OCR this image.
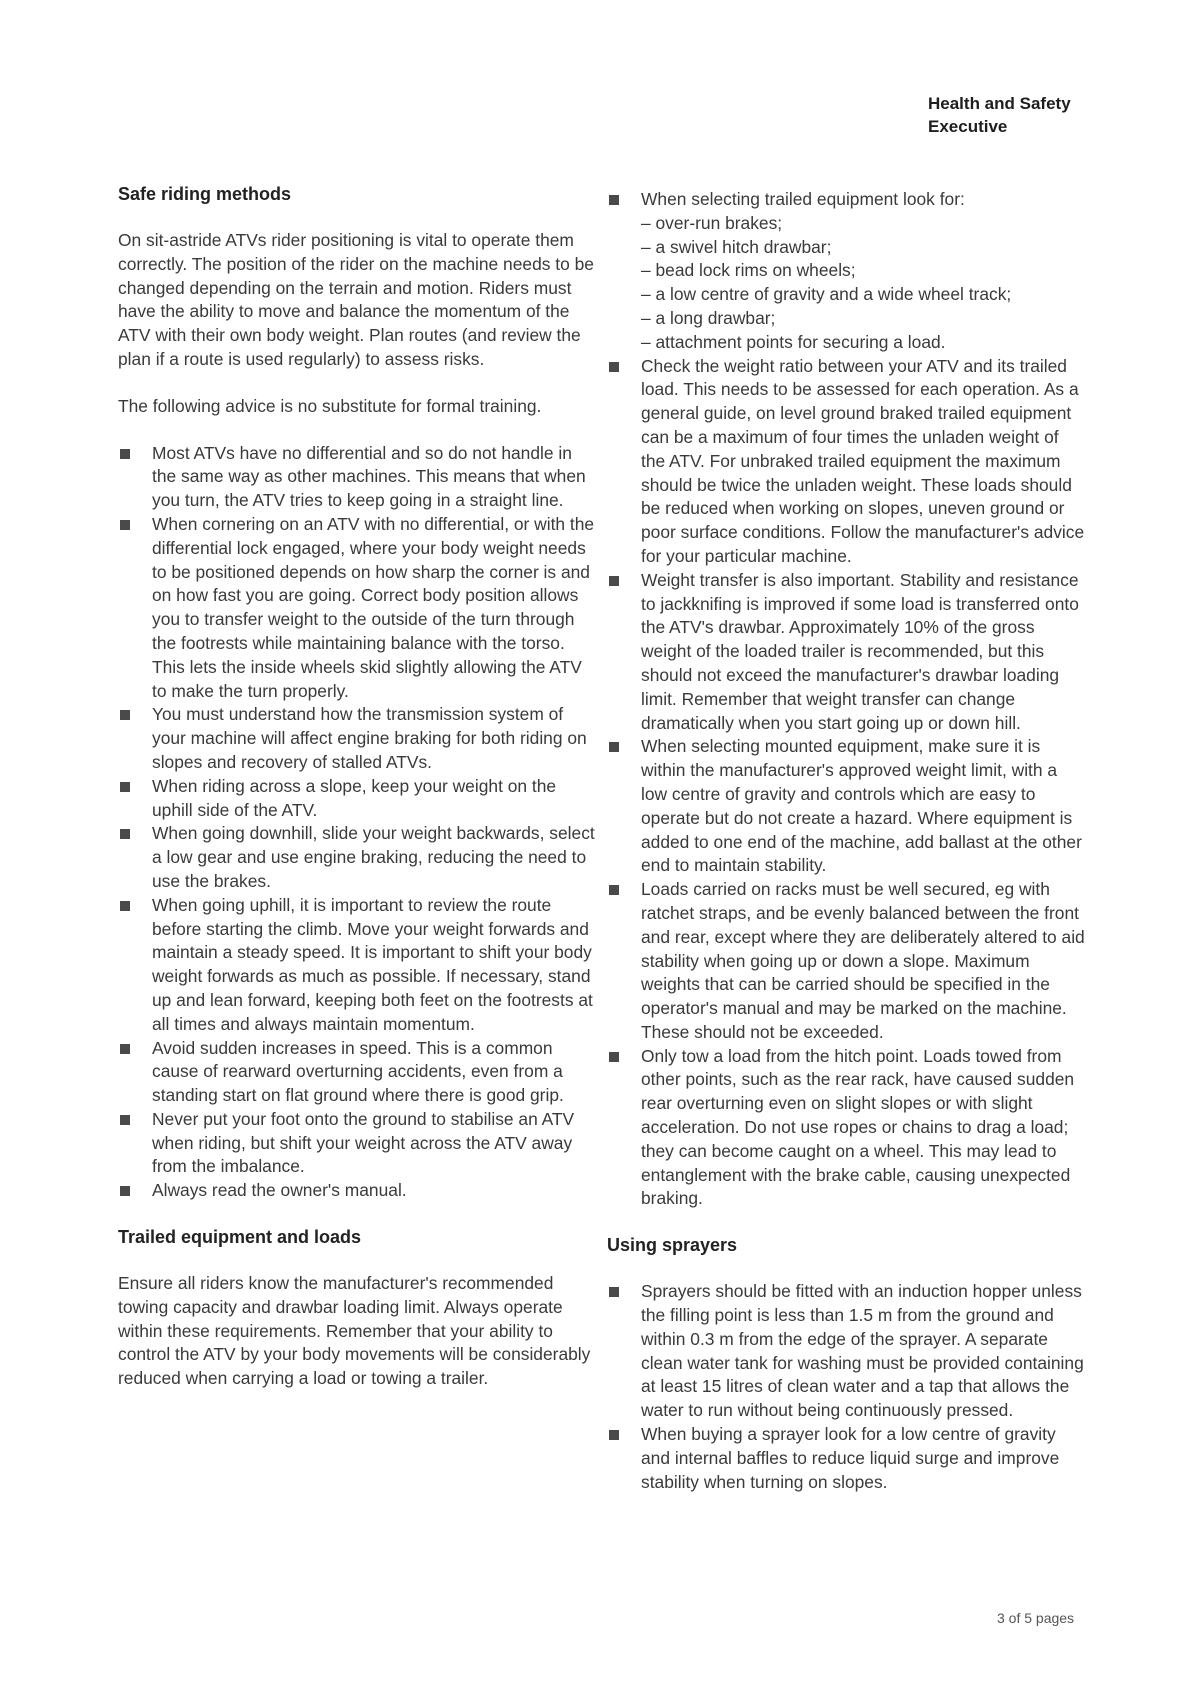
Health and Safety
Executive
Safe riding methods

On sit-astride ATVs rider positioning is vital to operate them correctly. The position of the rider on the machine needs to be changed depending on the terrain and motion. Riders must have the ability to move and balance the momentum of the ATV with their own body weight. Plan routes (and review the plan if a route is used regularly) to assess risks.

The following advice is no substitute for formal training.

Most ATVs have no differential and so do not handle in the same way as other machines. This means that when you turn, the ATV tries to keep going in a straight line.
When cornering on an ATV with no differential, or with the differential lock engaged, where your body weight needs to be positioned depends on how sharp the corner is and on how fast you are going. Correct body position allows you to transfer weight to the outside of the turn through the footrests while maintaining balance with the torso. This lets the inside wheels skid slightly allowing the ATV to make the turn properly.
You must understand how the transmission system of your machine will affect engine braking for both riding on slopes and recovery of stalled ATVs.
When riding across a slope, keep your weight on the uphill side of the ATV.
When going downhill, slide your weight backwards, select a low gear and use engine braking, reducing the need to use the brakes.
When going uphill, it is important to review the route before starting the climb. Move your weight forwards and maintain a steady speed. It is important to shift your body weight forwards as much as possible. If necessary, stand up and lean forward, keeping both feet on the footrests at all times and always maintain momentum.
Avoid sudden increases in speed. This is a common cause of rearward overturning accidents, even from a standing start on flat ground where there is good grip.
Never put your foot onto the ground to stabilise an ATV when riding, but shift your weight across the ATV away from the imbalance.
Always read the owner's manual.
Trailed equipment and loads

Ensure all riders know the manufacturer's recommended towing capacity and drawbar loading limit. Always operate within these requirements. Remember that your ability to control the ATV by your body movements will be considerably reduced when carrying a load or towing a trailer.

When selecting trailed equipment look for:
– over-run brakes;
– a swivel hitch drawbar;
– bead lock rims on wheels;
– a low centre of gravity and a wide wheel track;
– a long drawbar;
– attachment points for securing a load.
Check the weight ratio between your ATV and its trailed load. This needs to be assessed for each operation. As a general guide, on level ground braked trailed equipment can be a maximum of four times the unladen weight of the ATV. For unbraked trailed equipment the maximum should be twice the unladen weight. These loads should be reduced when working on slopes, uneven ground or poor surface conditions. Follow the manufacturer's advice for your particular machine.
Weight transfer is also important. Stability and resistance to jackknifing is improved if some load is transferred onto the ATV's drawbar. Approximately 10% of the gross weight of the loaded trailer is recommended, but this should not exceed the manufacturer's drawbar loading limit. Remember that weight transfer can change dramatically when you start going up or down hill.
When selecting mounted equipment, make sure it is within the manufacturer's approved weight limit, with a low centre of gravity and controls which are easy to operate but do not create a hazard. Where equipment is added to one end of the machine, add ballast at the other end to maintain stability.
Loads carried on racks must be well secured, eg with ratchet straps, and be evenly balanced between the front and rear, except where they are deliberately altered to aid stability when going up or down a slope. Maximum weights that can be carried should be specified in the operator's manual and may be marked on the machine. These should not be exceeded.
Only tow a load from the hitch point. Loads towed from other points, such as the rear rack, have caused sudden rear overturning even on slight slopes or with slight acceleration. Do not use ropes or chains to drag a load; they can become caught on a wheel. This may lead to entanglement with the brake cable, causing unexpected braking.
Using sprayers
Sprayers should be fitted with an induction hopper unless the filling point is less than 1.5 m from the ground and within 0.3 m from the edge of the sprayer. A separate clean water tank for washing must be provided containing at least 15 litres of clean water and a tap that allows the water to run without being continuously pressed.
When buying a sprayer look for a low centre of gravity and internal baffles to reduce liquid surge and improve stability when turning on slopes.
3 of 5 pages
